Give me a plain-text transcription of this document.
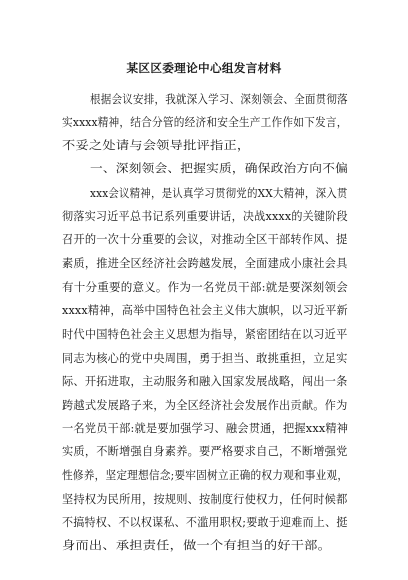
某区区委理论中心组发言材料
根据会议安排，我就深入学习、深刻领会、全面贯彻落
实xxxx精神，结合分管的经济和安全生产工作作如下发言，
不妥之处请与会领导批评指正，
一、深刻领会、把握实质，确保政治方向不偏
xxx会议精神，是认真学习贯彻党的XX大精神，深入贯
彻落实习近平总书记系列重要讲话，决战xxxx的关键阶段
召开的一次十分重要的会议，对推动全区干部转作风、提
素质，推进全区经济社会跨越发展，全面建成小康社会具
有十分重要的意义。作为一名党员干部:就是要深刻领会
xxxx精神，高举中国特色社会主义伟大旗帜，以习近平新
时代中国特色社会主义思想为指导，紧密团结在以习近平
同志为核心的党中央周围，勇于担当、敢挑重担，立足实
际、开拓进取，主动服务和融入国家发展战略，闯出一条
跨越式发展路子来，为全区经济社会发展作出贡献。作为
一名党员干部:就是要加强学习、融会贯通，把握xxx精神
实质，不断增强自身素养。要严格要求自己，不断增强党
性修养，坚定理想信念;要牢固树立正确的权力观和事业观，
坚持权为民所用，按规则、按制度行使权力，任何时候都
不搞特权、不以权谋私、不滥用职权;要敢于迎难而上、挺
身而出、承担责任，做一个有担当的好干部。
